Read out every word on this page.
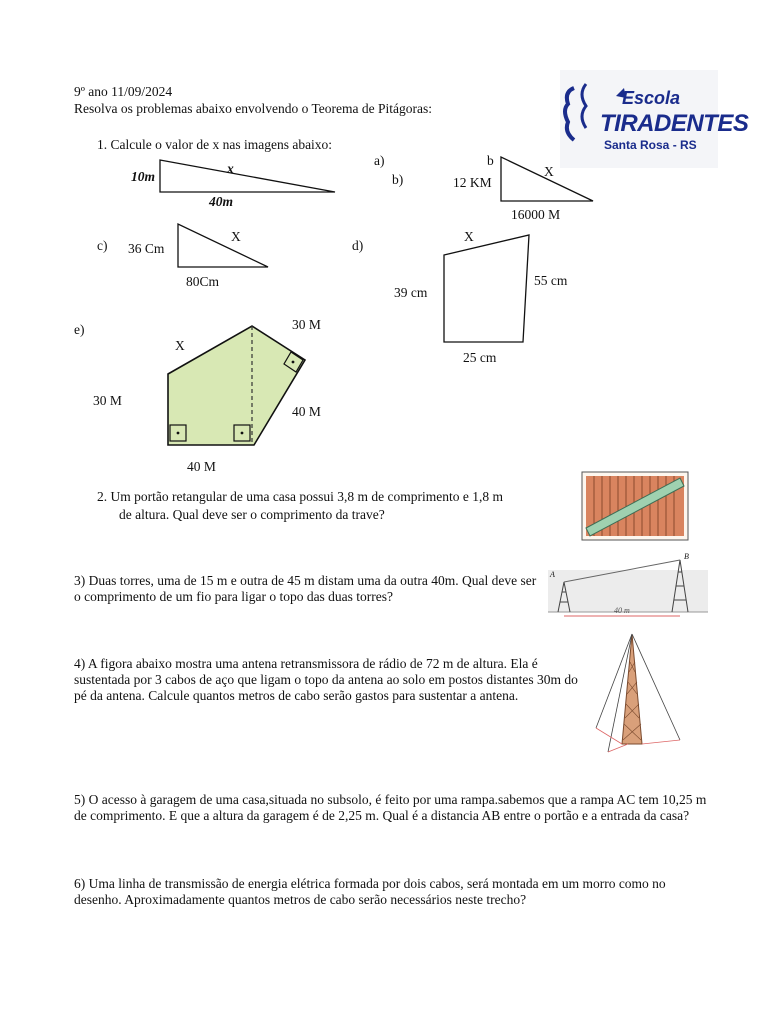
9º ano 11/09/2024
Resolva os problemas abaixo envolvendo o Teorema de Pitágoras:
Escola
TIRADENTES
Santa Rosa - RS
1. Calcule o valor de x nas imagens abaixo:
10m
x
40m
a)
b)
b
12 KM
X
16000 M
c) 36 Cm
X
80Cm
d)
X
39 cm
55 cm
25 cm
e)
X
30 M
30 M
40 M
40 M
2. Um portão retangular de uma casa possui 3,8 m de comprimento e 1,8 m
de altura. Qual deve ser o comprimento da trave?
3) Duas torres, uma de 15 m e outra de 45 m distam uma da outra 40m. Qual deve ser o comprimento de um fio para ligar o topo das duas torres?
A
B
40 m
4) A figora abaixo mostra uma antena retransmissora de rádio de 72 m de altura. Ela é sustentada por 3 cabos de aço que ligam o topo da antena ao solo em postos distantes 30m do pé da antena. Calcule quantos metros de cabo serão gastos para sustentar a antena.
5) O acesso à garagem de uma casa,situada no subsolo, é feito por uma rampa.sabemos que a rampa AC tem 10,25 m de comprimento. E que a altura da garagem é de 2,25 m. Qual é a distancia AB entre o portão e a entrada da casa?
6) Uma linha de transmissão de energia elétrica formada por dois cabos, será montada em um morro como no desenho. Aproximadamente quantos metros de cabo serão necessários neste trecho?
